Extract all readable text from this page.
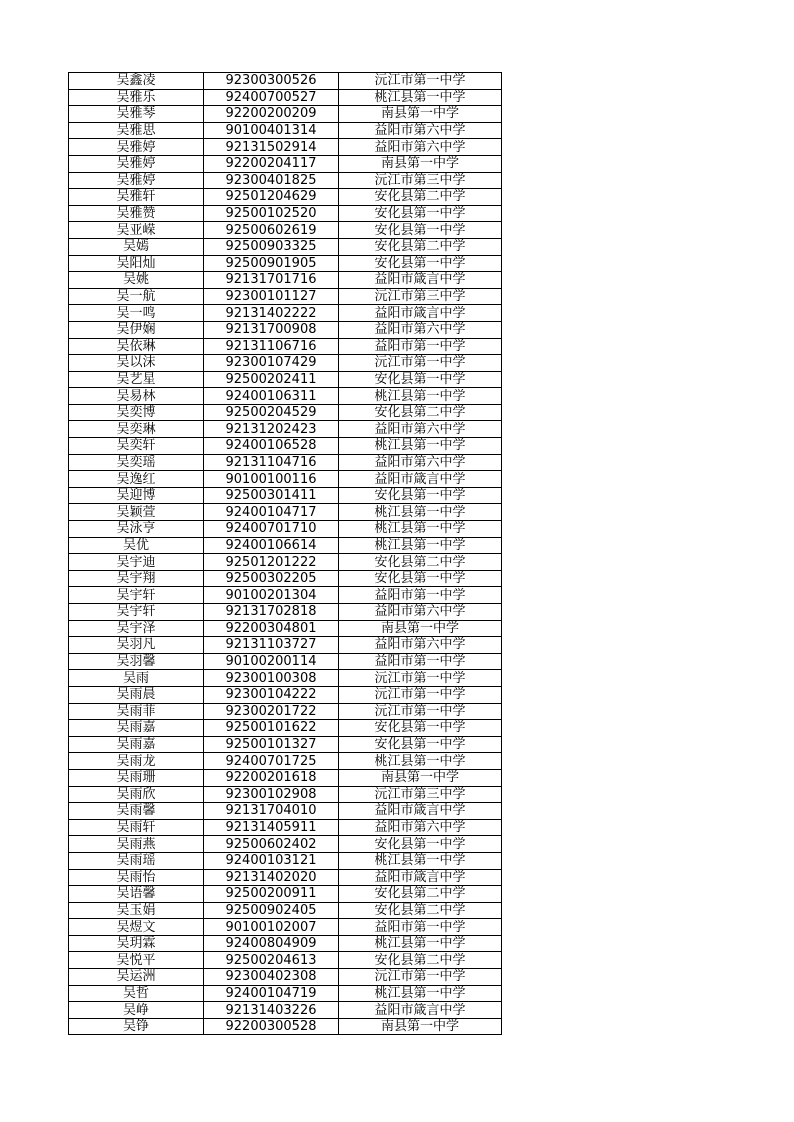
吴鑫凌	92300300526	沅江市第一中学
吴雅乐	92400700527	桃江县第一中学
吴雅琴	92200200209	南县第一中学
吴雅思	90100401314	益阳市第六中学
吴雅婷	92131502914	益阳市第六中学
吴雅婷	92200204117	南县第一中学
吴雅婷	92300401825	沅江市第三中学
吴雅轩	92501204629	安化县第二中学
吴雅赞	92500102520	安化县第一中学
吴亚嵘	92500602619	安化县第一中学
吴嫣	92500903325	安化县第二中学
吴阳灿	92500901905	安化县第一中学
吴姚	92131701716	益阳市箴言中学
吴一航	92300101127	沅江市第三中学
吴一鸣	92131402222	益阳市箴言中学
吴伊娴	92131700908	益阳市第六中学
吴依琳	92131106716	益阳市第一中学
吴以沫	92300107429	沅江市第一中学
吴艺星	92500202411	安化县第一中学
吴易林	92400106311	桃江县第一中学
吴奕博	92500204529	安化县第二中学
吴奕琳	92131202423	益阳市第六中学
吴奕轩	92400106528	桃江县第一中学
吴奕瑶	92131104716	益阳市第六中学
吴逸红	90100100116	益阳市箴言中学
吴迎博	92500301411	安化县第一中学
吴颖萱	92400104717	桃江县第一中学
吴泳亨	92400701710	桃江县第一中学
吴优	92400106614	桃江县第一中学
吴宇迪	92501201222	安化县第二中学
吴宇翔	92500302205	安化县第一中学
吴宇轩	90100201304	益阳市第一中学
吴宇轩	92131702818	益阳市第六中学
吴宇泽	92200304801	南县第一中学
吴羽凡	92131103727	益阳市第六中学
吴羽馨	90100200114	益阳市第一中学
吴雨	92300100308	沅江市第一中学
吴雨晨	92300104222	沅江市第一中学
吴雨菲	92300201722	沅江市第一中学
吴雨嘉	92500101622	安化县第一中学
吴雨嘉	92500101327	安化县第一中学
吴雨龙	92400701725	桃江县第一中学
吴雨珊	92200201618	南县第一中学
吴雨欣	92300102908	沅江市第三中学
吴雨馨	92131704010	益阳市箴言中学
吴雨轩	92131405911	益阳市第六中学
吴雨燕	92500602402	安化县第一中学
吴雨瑶	92400103121	桃江县第一中学
吴雨怡	92131402020	益阳市箴言中学
吴语馨	92500200911	安化县第二中学
吴玉娟	92500902405	安化县第二中学
吴煜文	90100102007	益阳市第一中学
吴玥霖	92400804909	桃江县第一中学
吴悦平	92500204613	安化县第二中学
吴运洲	92300402308	沅江市第一中学
吴哲	92400104719	桃江县第一中学
吴峥	92131403226	益阳市箴言中学
吴铮	92200300528	南县第一中学
